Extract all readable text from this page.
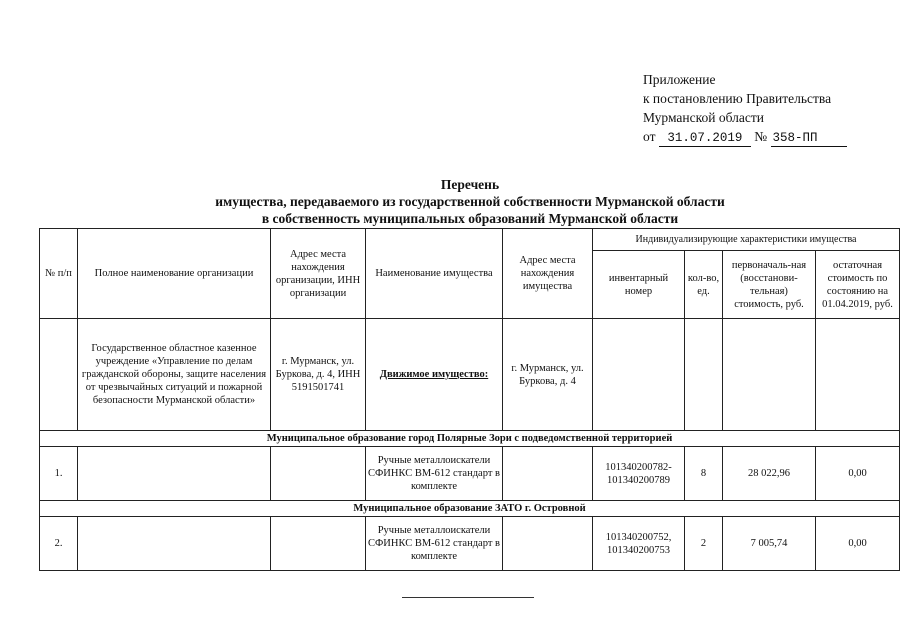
Приложение
к постановлению Правительства
Мурманской области
от 31.07.2019 № 358-ПП
Перечень
имущества, передаваемого из государственной собственности Мурманской области
в собственность муниципальных образований Мурманской области
№ п/п	Полное наименование организации	Адрес места нахождения организации, ИНН организации	Наименование имущества	Адрес места нахождения имущества	Индивидуализирующие характеристики имущества			
					инвентарный номер	кол-во, ед.	первоначаль-ная (восстанови-тельная) стоимость, руб.	остаточная стоимость по состоянию на 01.04.2019, руб.
	Государственное областное казенное учреждение «Управление по делам гражданской обороны, защите населения от чрезвычайных ситуаций и пожарной безопасности Мурманской области»	г. Мурманск, ул. Буркова, д. 4, ИНН 5191501741	Движимое имущество:	г. Мурманск, ул. Буркова, д. 4				
Муниципальное образование город Полярные Зори с подведомственной территорией								
1.			Ручные металлоискатели СФИНКС ВМ-612 стандарт в комплекте		101340200782-101340200789	8	28 022,96	0,00
Муниципальное образование ЗАТО г. Островной								
2.			Ручные металлоискатели СФИНКС ВМ-612 стандарт в комплекте		101340200752, 101340200753	2	7 005,74	0,00
